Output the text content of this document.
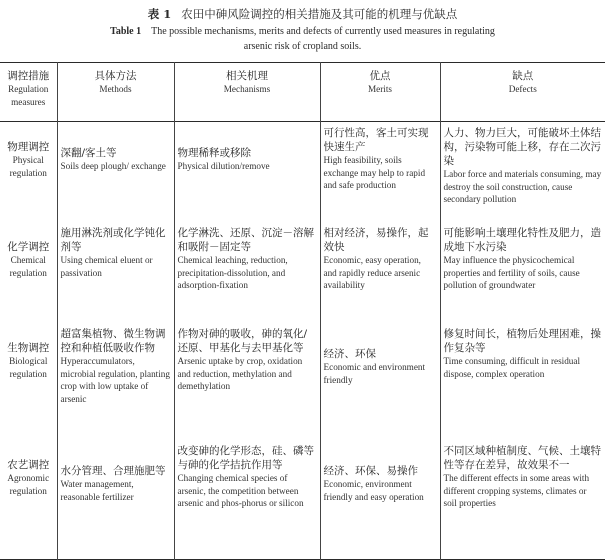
表 1 农田中砷风险调控的相关措施及其可能的机理与优缺点
Table 1 The possible mechanisms, merits and defects of currently used measures in regulating
arsenic risk of cropland soils.
调控措施
Regulation measures	具体方法
Methods	相关机理
Mechanisms	优点
Merits	缺点
Defects

物理调控
Physical regulation	深翻/客土等
Soils deep plough/ exchange	物理稀释或移除
Physical dilution/remove	可行性高，客土可实现快速生产
High feasibility, soils exchange may help to rapid and safe production	人力、物力巨大，可能破坏土体结构，污染物可能上移，存在二次污染
Labor force and materials consuming, may destroy the soil construction, cause secondary pollution

化学调控
Chemical regulation	施用淋洗剂或化学钝化剂等
Using chemical eluent or passivation	化学淋洗、还原、沉淀－溶解和吸附－固定等
Chemical leaching, reduction, precipitation-dissolution, and adsorption-fixation	相对经济，易操作，起效快
Economic, easy operation, and rapidly reduce arsenic availability	可能影响土壤理化特性及肥力，造成地下水污染
May influence the physicochemical properties and fertility of soils, cause pollution of groundwater

生物调控
Biological regulation	超富集植物、微生物调控和种植低吸收作物
Hyperaccumulators, microbial regulation, planting crop with low uptake of arsenic	作物对砷的吸收，砷的氧化/还原、甲基化与去甲基化等
Arsenic uptake by crop, oxidation and reduction, methylation and demethylation	经济、环保
Economic and environment friendly	修复时间长，植物后处理困难，操作复杂等
Time consuming, difficult in residual dispose, complex operation

农艺调控
Agronomic regulation	水分管理、合理施肥等
Water management, reasonable fertilizer	改变砷的化学形态，硅、磷等与砷的化学拮抗作用等
Changing chemical species of arsenic, the competition between arsenic and phos-phorus or silicon	经济、环保、易操作
Economic, environment friendly and easy operation	不同区域种植制度、气候、土壤特性等存在差异，故效果不一
The different effects in some areas with different cropping systems, climates or soil properties
